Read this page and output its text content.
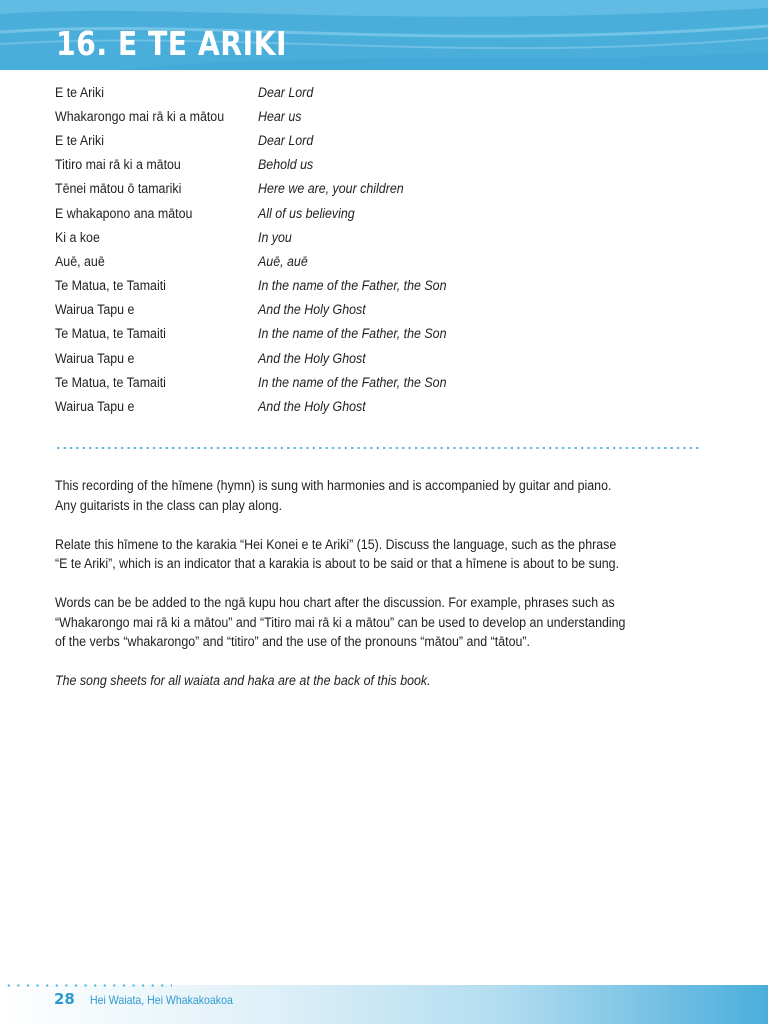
16. E TE ARIKI
E te Ariki	Dear Lord
Whakarongo mai rā ki a mātou	Hear us
E te Ariki	Dear Lord
Titiro mai rā ki a mātou	Behold us
Tēnei mātou ō tamariki	Here we are, your children
E whakapono ana mātou	All of us believing
Ki a koe	In you
Auē, auē	Auē, auē
Te Matua, te Tamaiti	In the name of the Father, the Son
Wairua Tapu e	And the Holy Ghost
Te Matua, te Tamaiti	In the name of the Father, the Son
Wairua Tapu e	And the Holy Ghost
Te Matua, te Tamaiti	In the name of the Father, the Son
Wairua Tapu e	And the Holy Ghost

This recording of the hīmene (hymn) is sung with harmonies and is accompanied by guitar and piano.
Any guitarists in the class can play along.

Relate this hīmene to the karakia “Hei Konei e te Ariki” (15). Discuss the language, such as the phrase
“E te Ariki”, which is an indicator that a karakia is about to be said or that a hīmene is about to be sung.

Words can be be added to the ngā kupu hou chart after the discussion. For example, phrases such as
“Whakarongo mai rā ki a mātou” and “Titiro mai rā ki a mātou” can be used to develop an understanding
of the verbs “whakarongo” and “titiro” and the use of the pronouns “mātou” and “tātou”.

The song sheets for all waiata and haka are at the back of this book.

28 Hei Waiata, Hei Whakakoakoa
